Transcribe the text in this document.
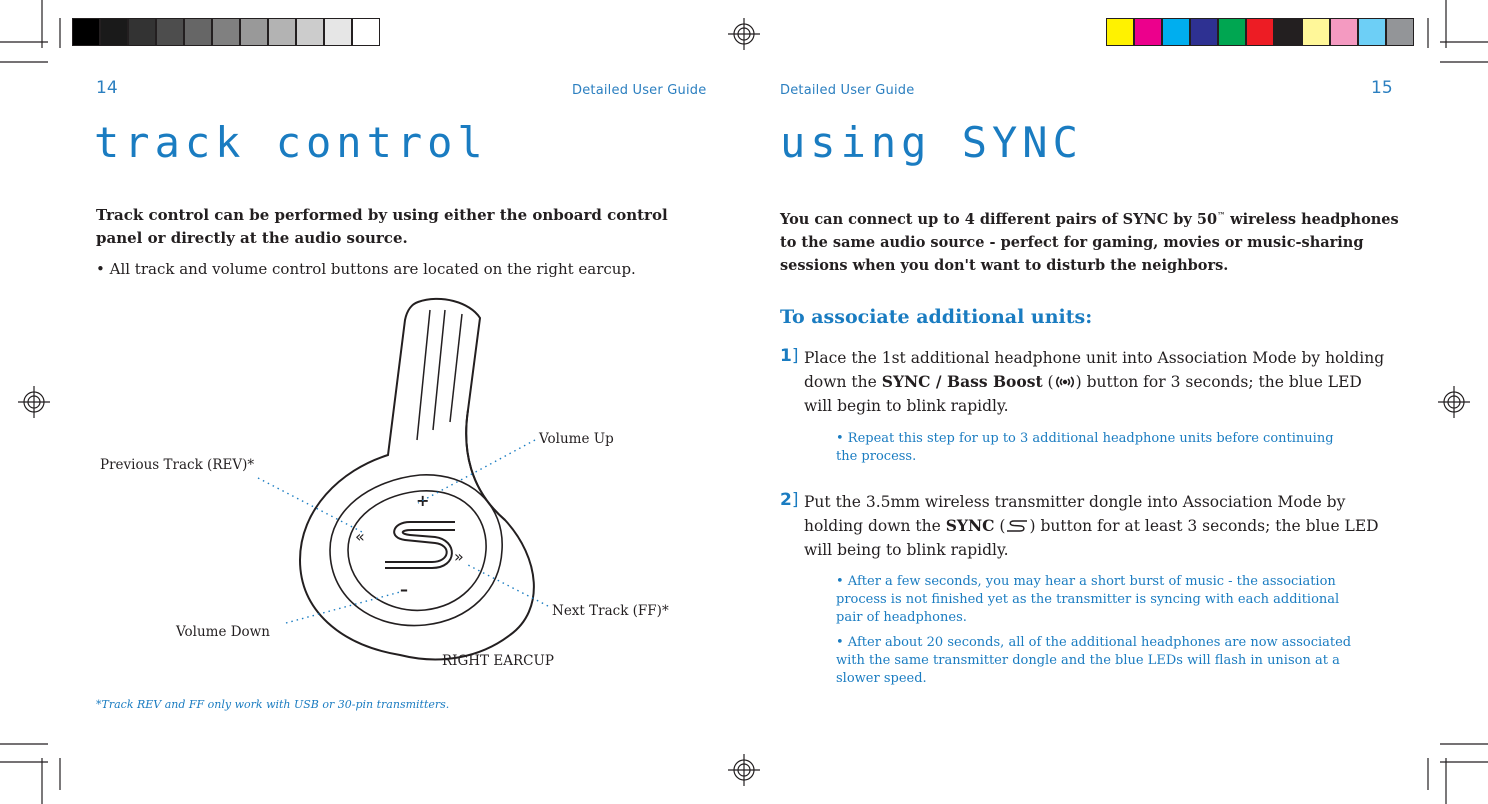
14	Detailed User Guide
track control
Track control can be performed by using either the onboard control panel or directly at the audio source.
• All track and volume control buttons are located on the right earcup.
+
–
«
»
Volume Up
Previous Track (REV)*
Next Track (FF)*
Volume Down
RIGHT EARCUP
*Track REV and FF only work with USB or 30-pin transmitters.
Detailed User Guide	15
using SYNC
You can connect up to 4 different pairs of SYNC by 50™ wireless headphones to the same audio source - perfect for gaming, movies or music-sharing sessions when you don't want to disturb the neighbors.
To associate additional units:
1] Place the 1st additional headphone unit into Association Mode by holding down the SYNC / Bass Boost ( ) button for 3 seconds; the blue LED will begin to blink rapidly.
• Repeat this step for up to 3 additional headphone units before continuing the process.
2] Put the 3.5mm wireless transmitter dongle into Association Mode by holding down the SYNC ( ) button for at least 3 seconds; the blue LED will being to blink rapidly.
• After a few seconds, you may hear a short burst of music - the association process is not finished yet as the transmitter is syncing with each additional pair of headphones.
• After about 20 seconds, all of the additional headphones are now associated with the same transmitter dongle and the blue LEDs will flash in unison at a slower speed.
